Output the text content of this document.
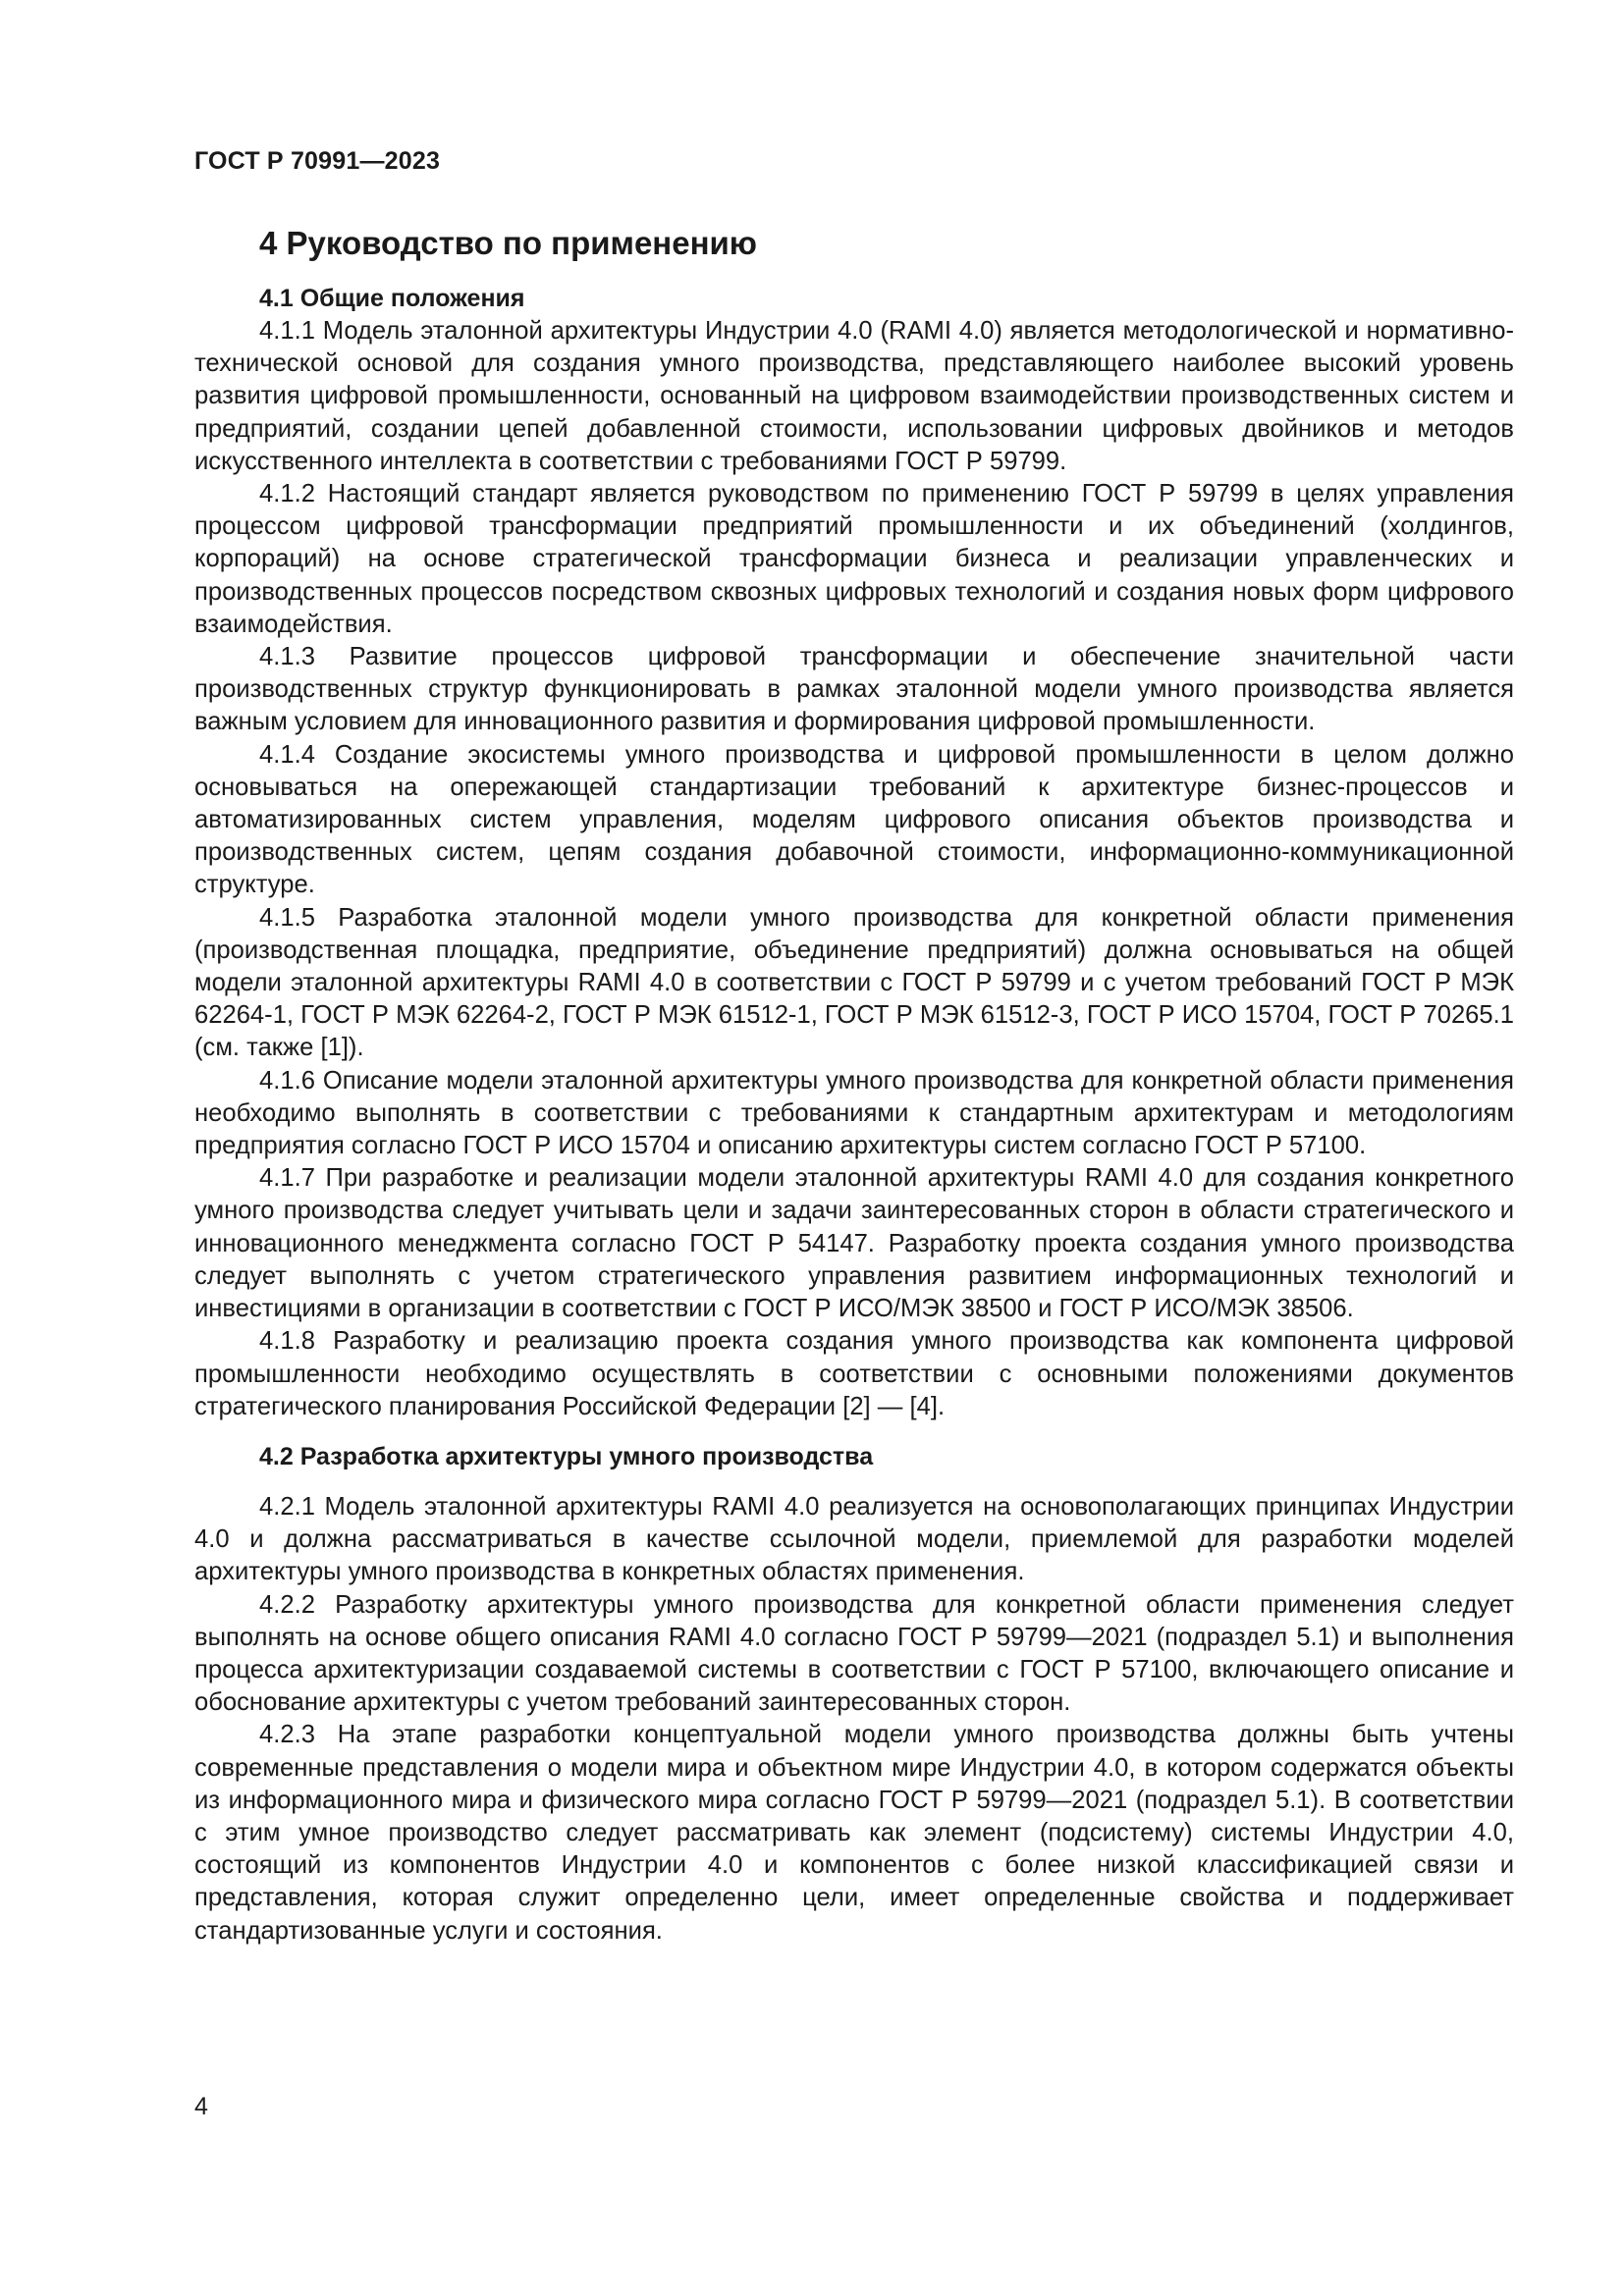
ГОСТ Р 70991—2023
4 Руководство по применению
4.1 Общие положения

4.1.1 Модель эталонной архитектуры Индустрии 4.0 (RAMI 4.0) является методологической и нормативно-технической основой для создания умного производства, представляющего наиболее высокий уровень развития цифровой промышленности, основанный на цифровом взаимодействии производственных систем и предприятий, создании цепей добавленной стоимости, использовании цифровых двойников и методов искусственного интеллекта в соответствии с требованиями ГОСТ Р 59799.

4.1.2 Настоящий стандарт является руководством по применению ГОСТ Р 59799 в целях управления процессом цифровой трансформации предприятий промышленности и их объединений (холдингов, корпораций) на основе стратегической трансформации бизнеса и реализации управленческих и производственных процессов посредством сквозных цифровых технологий и создания новых форм цифрового взаимодействия.

4.1.3 Развитие процессов цифровой трансформации и обеспечение значительной части производственных структур функционировать в рамках эталонной модели умного производства является важным условием для инновационного развития и формирования цифровой промышленности.

4.1.4 Создание экосистемы умного производства и цифровой промышленности в целом должно основываться на опережающей стандартизации требований к архитектуре бизнес-процессов и автоматизированных систем управления, моделям цифрового описания объектов производства и производственных систем, цепям создания добавочной стоимости, информационно-коммуникационной структуре.

4.1.5 Разработка эталонной модели умного производства для конкретной области применения (производственная площадка, предприятие, объединение предприятий) должна основываться на общей модели эталонной архитектуры RAMI 4.0 в соответствии с ГОСТ Р 59799 и с учетом требований ГОСТ Р МЭК 62264-1, ГОСТ Р МЭК 62264-2, ГОСТ Р МЭК 61512-1, ГОСТ Р МЭК 61512-3, ГОСТ Р ИСО 15704, ГОСТ Р 70265.1 (см. также [1]).

4.1.6 Описание модели эталонной архитектуры умного производства для конкретной области применения необходимо выполнять в соответствии с требованиями к стандартным архитектурам и методологиям предприятия согласно ГОСТ Р ИСО 15704 и описанию архитектуры систем согласно ГОСТ Р 57100.

4.1.7 При разработке и реализации модели эталонной архитектуры RAMI 4.0 для создания конкретного умного производства следует учитывать цели и задачи заинтересованных сторон в области стратегического и инновационного менеджмента согласно ГОСТ Р 54147. Разработку проекта создания умного производства следует выполнять с учетом стратегического управления развитием информационных технологий и инвестициями в организации в соответствии с ГОСТ Р ИСО/МЭК 38500 и ГОСТ Р ИСО/МЭК 38506.

4.1.8 Разработку и реализацию проекта создания умного производства как компонента цифровой промышленности необходимо осуществлять в соответствии с основными положениями документов стратегического планирования Российской Федерации [2] — [4].

4.2 Разработка архитектуры умного производства

4.2.1 Модель эталонной архитектуры RAMI 4.0 реализуется на основополагающих принципах Индустрии 4.0 и должна рассматриваться в качестве ссылочной модели, приемлемой для разработки моделей архитектуры умного производства в конкретных областях применения.

4.2.2 Разработку архитектуры умного производства для конкретной области применения следует выполнять на основе общего описания RAMI 4.0 согласно ГОСТ Р 59799—2021 (подраздел 5.1) и выполнения процесса архитектуризации создаваемой системы в соответствии с ГОСТ Р 57100, включающего описание и обоснование архитектуры с учетом требований заинтересованных сторон.

4.2.3 На этапе разработки концептуальной модели умного производства должны быть учтены современные представления о модели мира и объектном мире Индустрии 4.0, в котором содержатся объекты из информационного мира и физического мира согласно ГОСТ Р 59799—2021 (подраздел 5.1). В соответствии с этим умное производство следует рассматривать как элемент (подсистему) системы Индустрии 4.0, состоящий из компонентов Индустрии 4.0 и компонентов с более низкой классификацией связи и представления, которая служит определенно цели, имеет определенные свойства и поддерживает стандартизованные услуги и состояния.

4
